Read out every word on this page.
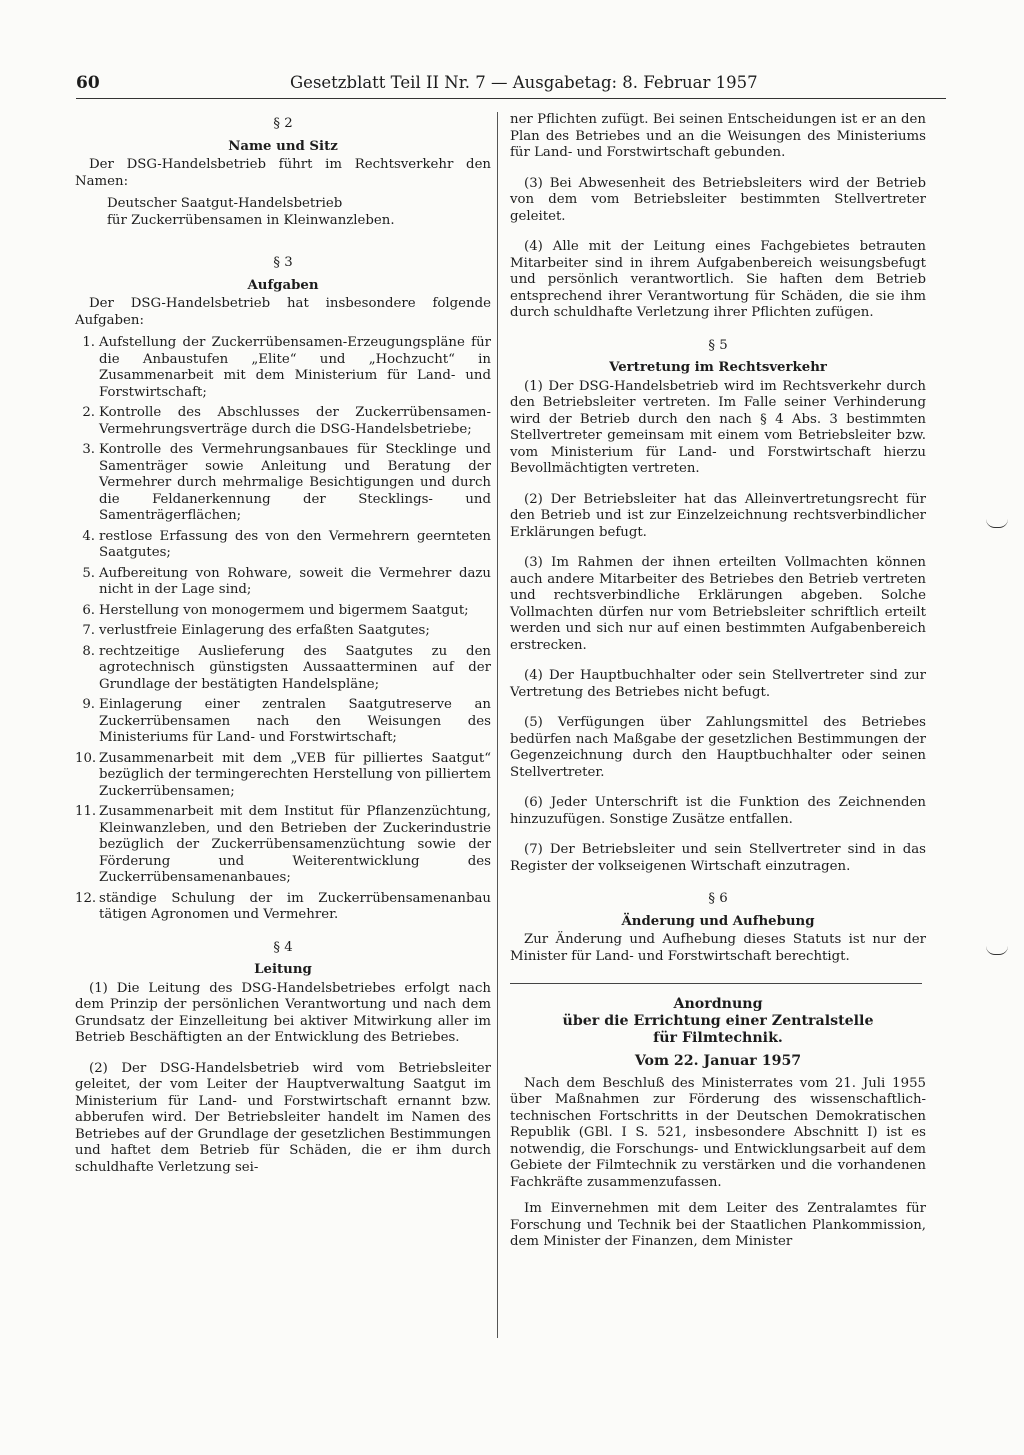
60	Gesetzblatt Teil II Nr. 7 — Ausgabetag: 8. Februar 1957
§ 2
Name und Sitz

Der DSG-Handelsbetrieb führt im Rechtsverkehr den Namen:

Deutscher Saatgut-Handelsbetrieb
für Zuckerrübensamen in Kleinwanzleben.
§ 3
Aufgaben

Der DSG-Handelsbetrieb hat insbesondere folgende Aufgaben:

1. Aufstellung der Zuckerrübensamen-Erzeugungspläne für die Anbaustufen „Elite“ und „Hochzucht“ in Zusammenarbeit mit dem Ministerium für Land- und Forstwirtschaft;
2. Kontrolle des Abschlusses der Zuckerrübensamen-Vermehrungsverträge durch die DSG-Handelsbetriebe;
3. Kontrolle des Vermehrungsanbaues für Stecklinge und Samenträger sowie Anleitung und Beratung der Vermehrer durch mehrmalige Besichtigungen und durch die Feldanerkennung der Stecklings- und Samenträgerflächen;
4. restlose Erfassung des von den Vermehrern geernteten Saatgutes;
5. Aufbereitung von Rohware, soweit die Vermehrer dazu nicht in der Lage sind;
6. Herstellung von monogermem und bigermem Saatgut;
7. verlustfreie Einlagerung des erfaßten Saatgutes;
8. rechtzeitige Auslieferung des Saatgutes zu den agrotechnisch günstigsten Aussaatterminen auf der Grundlage der bestätigten Handelspläne;
9. Einlagerung einer zentralen Saatgutreserve an Zuckerrübensamen nach den Weisungen des Ministeriums für Land- und Forstwirtschaft;
10. Zusammenarbeit mit dem „VEB für pilliertes Saatgut“ bezüglich der termingerechten Herstellung von pilliertem Zuckerrübensamen;
11. Zusammenarbeit mit dem Institut für Pflanzenzüchtung, Kleinwanzleben, und den Betrieben der Zuckerindustrie bezüglich der Zuckerrübensamenzüchtung sowie der Förderung und Weiterentwicklung des Zuckerrübensamenanbaues;
12. ständige Schulung der im Zuckerrübensamenanbau tätigen Agronomen und Vermehrer.
§ 4
Leitung

(1) Die Leitung des DSG-Handelsbetriebes erfolgt nach dem Prinzip der persönlichen Verantwortung und nach dem Grundsatz der Einzelleitung bei aktiver Mitwirkung aller im Betrieb Beschäftigten an der Entwicklung des Betriebes.

(2) Der DSG-Handelsbetrieb wird vom Betriebsleiter geleitet, der vom Leiter der Hauptverwaltung Saatgut im Ministerium für Land- und Forstwirtschaft ernannt bzw. abberufen wird. Der Betriebsleiter handelt im Namen des Betriebes auf der Grundlage der gesetzlichen Bestimmungen und haftet dem Betrieb für Schäden, die er ihm durch schuldhafte Verletzung sei-

ner Pflichten zufügt. Bei seinen Entscheidungen ist er an den Plan des Betriebes und an die Weisungen des Ministeriums für Land- und Forstwirtschaft gebunden.

(3) Bei Abwesenheit des Betriebsleiters wird der Betrieb von dem vom Betriebsleiter bestimmten Stellvertreter geleitet.

(4) Alle mit der Leitung eines Fachgebietes betrauten Mitarbeiter sind in ihrem Aufgabenbereich weisungsbefugt und persönlich verantwortlich. Sie haften dem Betrieb entsprechend ihrer Verantwortung für Schäden, die sie ihm durch schuldhafte Verletzung ihrer Pflichten zufügen.

§ 5
Vertretung im Rechtsverkehr

(1) Der DSG-Handelsbetrieb wird im Rechtsverkehr durch den Betriebsleiter vertreten. Im Falle seiner Verhinderung wird der Betrieb durch den nach § 4 Abs. 3 bestimmten Stellvertreter gemeinsam mit einem vom Betriebsleiter bzw. vom Ministerium für Land- und Forstwirtschaft hierzu Bevollmächtigten vertreten.

(2) Der Betriebsleiter hat das Alleinvertretungsrecht für den Betrieb und ist zur Einzelzeichnung rechtsverbindlicher Erklärungen befugt.

(3) Im Rahmen der ihnen erteilten Vollmachten können auch andere Mitarbeiter des Betriebes den Betrieb vertreten und rechtsverbindliche Erklärungen abgeben. Solche Vollmachten dürfen nur vom Betriebsleiter schriftlich erteilt werden und sich nur auf einen bestimmten Aufgabenbereich erstrecken.

(4) Der Hauptbuchhalter oder sein Stellvertreter sind zur Vertretung des Betriebes nicht befugt.

(5) Verfügungen über Zahlungsmittel des Betriebes bedürfen nach Maßgabe der gesetzlichen Bestimmungen der Gegenzeichnung durch den Hauptbuchhalter oder seinen Stellvertreter.

(6) Jeder Unterschrift ist die Funktion des Zeichnenden hinzuzufügen. Sonstige Zusätze entfallen.

(7) Der Betriebsleiter und sein Stellvertreter sind in das Register der volkseigenen Wirtschaft einzutragen.

§ 6
Änderung und Aufhebung

Zur Änderung und Aufhebung dieses Statuts ist nur der Minister für Land- und Forstwirtschaft berechtigt.

Anordnung
über die Errichtung einer Zentralstelle
für Filmtechnik.
Vom 22. Januar 1957

Nach dem Beschluß des Ministerrates vom 21. Juli 1955 über Maßnahmen zur Förderung des wissenschaftlich-technischen Fortschritts in der Deutschen Demokratischen Republik (GBl. I S. 521, insbesondere Abschnitt I) ist es notwendig, die Forschungs- und Entwicklungsarbeit auf dem Gebiete der Filmtechnik zu verstärken und die vorhandenen Fachkräfte zusammenzufassen.

Im Einvernehmen mit dem Leiter des Zentralamtes für Forschung und Technik bei der Staatlichen Plankommission, dem Minister der Finanzen, dem Minister
